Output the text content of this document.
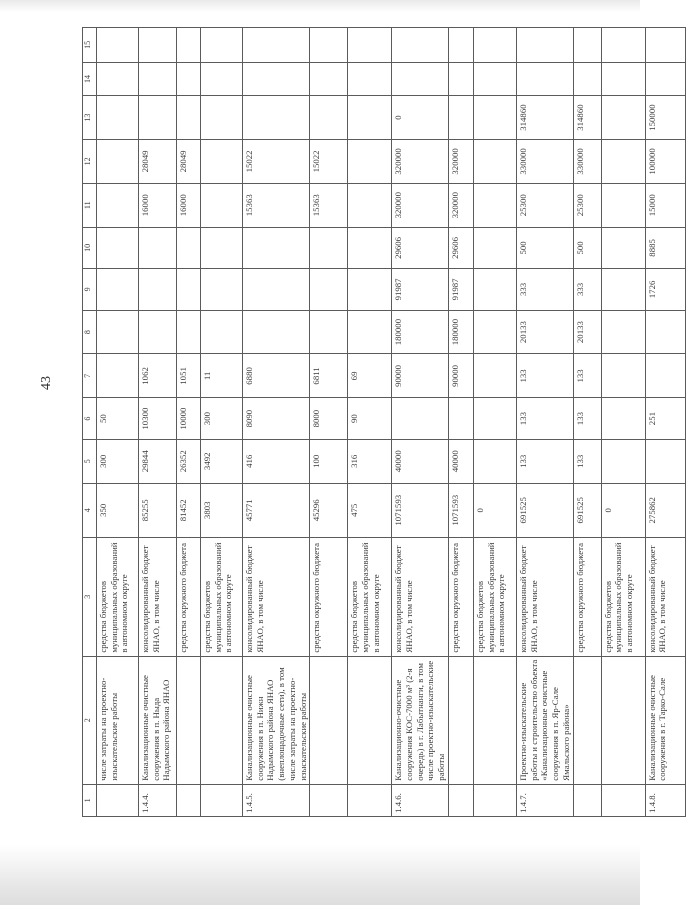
43
1	2	3	4	5	6	7	8	9	10	11	12	13	14	15
	числе затраты на проектно-изыскательские работы	средства бюджетов муниципальных образований в автономном округе	350	300	50									
1.4.4.	Канализационные очистные сооружения в п. Ныда Надымского района ЯНАО	консолидированный бюджет ЯНАО, в том числе	85255	29844	10300	1062				16000	28049			
		средства окружного бюджета	81452	26352	10000	1051				16000	28049			
		средства бюджетов муниципальных образований в автономном округе	3803	3492	300	11								
1.4.5.	Канализационные очистные сооружения в п. Нижн Надымского района ЯНАО (внеплощадочные сети), в том числе затраты на проектно-изыскательские работы	консолидированный бюджет ЯНАО, в том числе	45771	416	8090	6880				15363	15022			
		средства окружного бюджета	45296	100	8000	6811				15363	15022			
		средства бюджетов муниципальных образований в автономном округе	475	316	90	69								
1.4.6.	Канализационно-очистные сооружения КОС-7000 м³ (2-я очередь) в г. Лабытнанги, в том числе проектно-изыскательские работы	консолидированный бюджет ЯНАО, в том числе	1071593	40000		90000	180000	91987	29606	320000	320000	0		
		средства окружного бюджета	1071593	40000		90000	180000	91987	29606	320000	320000			
		средства бюджетов муниципальных образований в автономном округе	0											
1.4.7.	Проектно-изыскательские работы и строительство объекта «Канализационные очистные сооружения в п. Яр-Сале Ямальского района»	консолидированный бюджет ЯНАО, в том числе	691525	133	133	133	20133	333	500	25300	330000	314860		
		средства окружного бюджета	691525	133	133	133	20133	333	500	25300	330000	314860		
		средства бюджетов муниципальных образований в автономном округе	0											
1.4.8.	Канализационные очистные сооружения в г. Тарко-Сале	консолидированный бюджет ЯНАО, в том числе	275862		251			1726	8885	15000	100000	150000		
